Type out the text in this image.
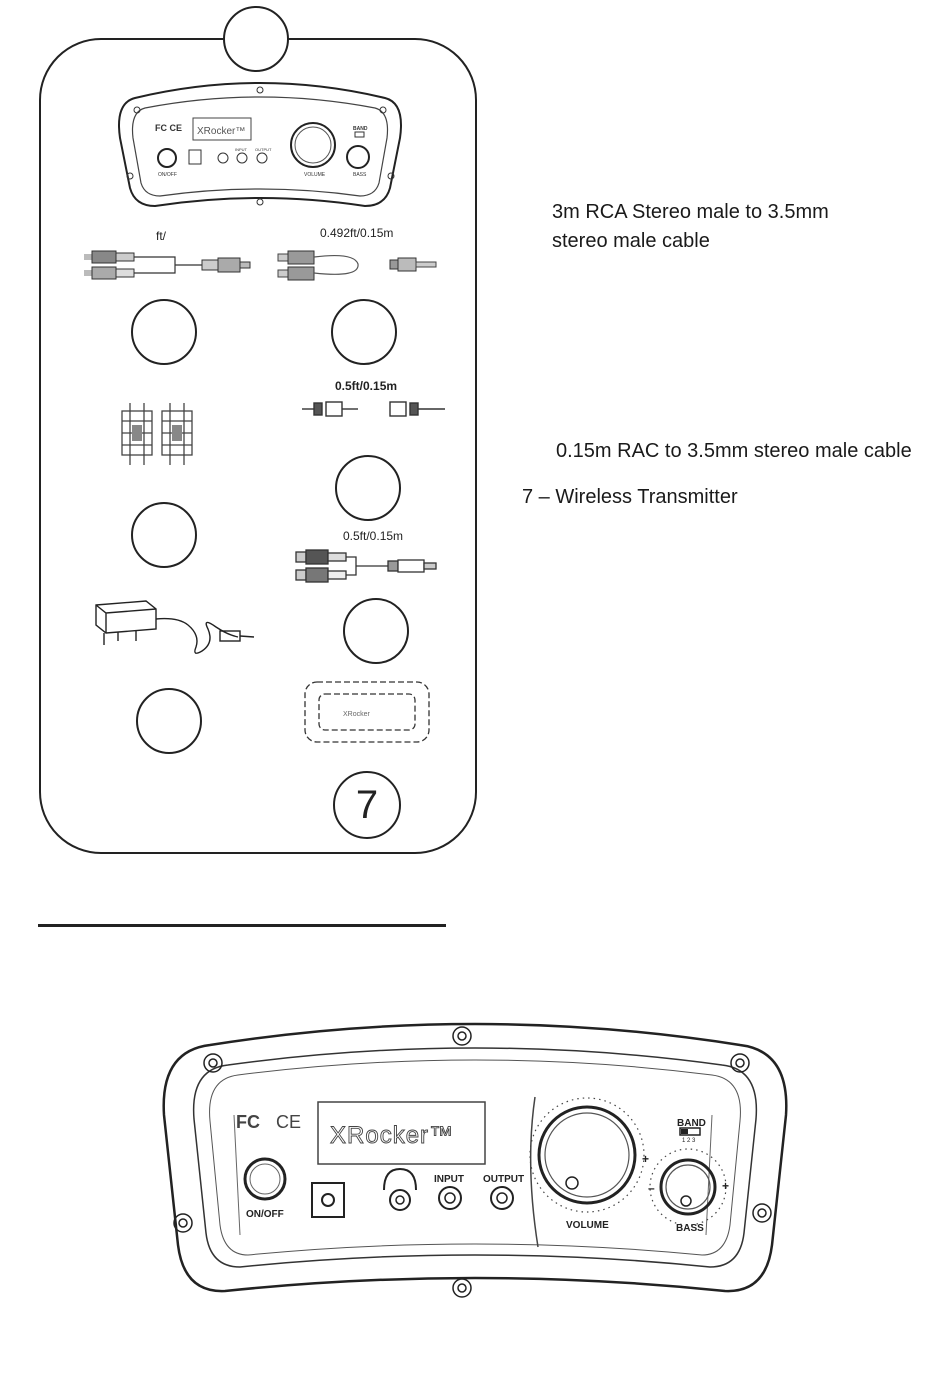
FC CE XRocker™
ON/OFF
INPUT OUTPUT
VOLUME	BASS
BAND
ft/	0.492ft/0.15m
0.5ft/0.15m
0.5ft/0.15m
XRocker
7
3m RCA Stereo male to 3.5mm
stereo male cable
0.15m RAC to 3.5mm stereo male cable
7 – Wireless Transmitter
FC CE XRocker™
ON/OFF
INPUT OUTPUT
+
VOLUME
BAND
1 2 3
–	+
BASS
